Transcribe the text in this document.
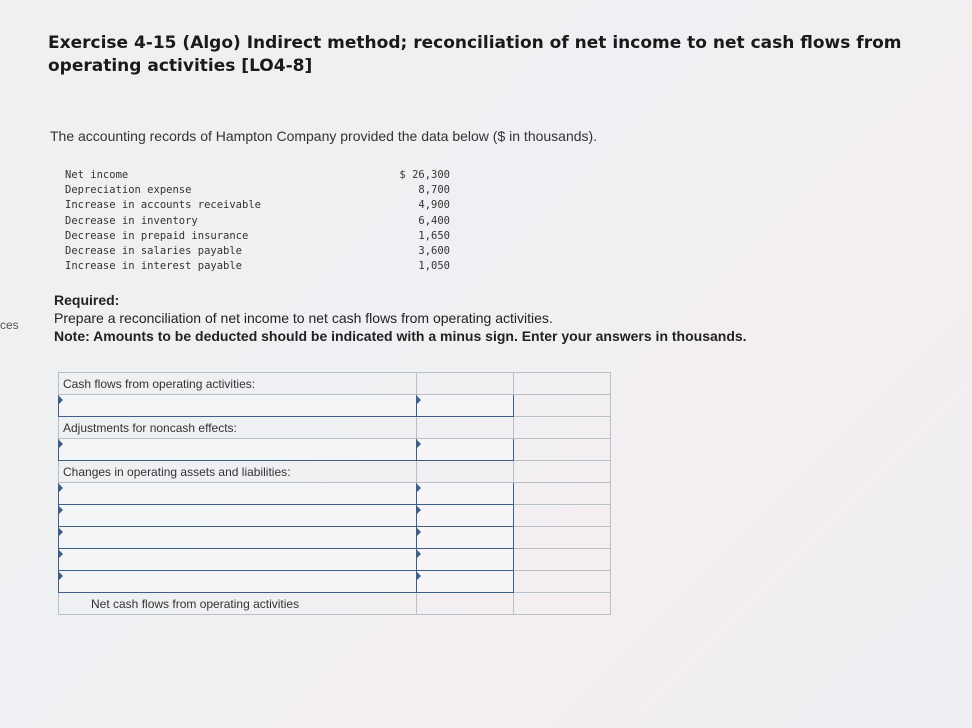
ces
Exercise 4-15 (Algo) Indirect method; reconciliation of net income to net cash flows from operating activities [LO4-8]
The accounting records of Hampton Company provided the data below ($ in thousands).
Net income	$ 26,300
Depreciation expense	8,700
Increase in accounts receivable	4,900
Decrease in inventory	6,400
Decrease in prepaid insurance	1,650
Decrease in salaries payable	3,600
Increase in interest payable	1,050
Required:
Prepare a reconciliation of net income to net cash flows from operating activities.
Note: Amounts to be deducted should be indicated with a minus sign. Enter your answers in thousands.
Cash flows from operating activities:		

Adjustments for noncash effects:		

Changes in operating assets and liabilities:		

Net cash flows from operating activities		
